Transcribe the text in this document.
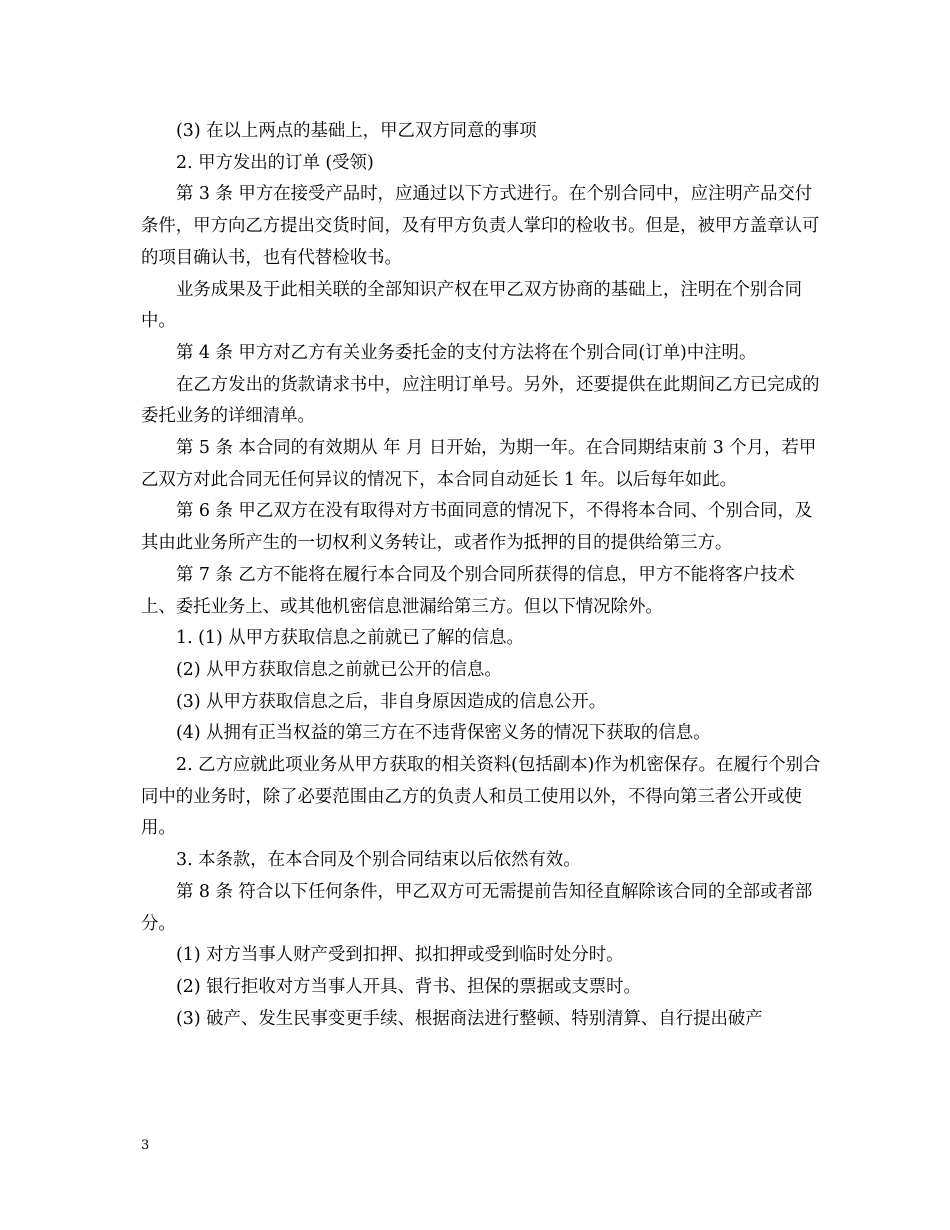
(3) 在以上两点的基础上，甲乙双方同意的事项

2. 甲方发出的订单 (受领)

第 3 条 甲方在接受产品时，应通过以下方式进行。在个别合同中，应注明产品交付条件，甲方向乙方提出交货时间，及有甲方负责人掌印的检收书。但是，被甲方盖章认可的项目确认书，也有代替检收书。

业务成果及于此相关联的全部知识产权在甲乙双方协商的基础上，注明在个别合同中。

第 4 条 甲方对乙方有关业务委托金的支付方法将在个别合同(订单)中注明。

在乙方发出的货款请求书中，应注明订单号。另外，还要提供在此期间乙方已完成的委托业务的详细清单。

第 5 条 本合同的有效期从 年 月 日开始，为期一年。在合同期结束前 3 个月，若甲乙双方对此合同无任何异议的情况下，本合同自动延长 1 年。以后每年如此。

第 6 条 甲乙双方在没有取得对方书面同意的情况下，不得将本合同、个别合同，及其由此业务所产生的一切权利义务转让，或者作为抵押的目的提供给第三方。

第 7 条 乙方不能将在履行本合同及个别合同所获得的信息，甲方不能将客户技术上、委托业务上、或其他机密信息泄漏给第三方。但以下情况除外。

1. (1) 从甲方获取信息之前就已了解的信息。

(2) 从甲方获取信息之前就已公开的信息。

(3) 从甲方获取信息之后，非自身原因造成的信息公开。

(4) 从拥有正当权益的第三方在不违背保密义务的情况下获取的信息。

2. 乙方应就此项业务从甲方获取的相关资料(包括副本)作为机密保存。在履行个别合同中的业务时，除了必要范围由乙方的负责人和员工使用以外，不得向第三者公开或使用。

3. 本条款，在本合同及个别合同结束以后依然有效。

第 8 条 符合以下任何条件，甲乙双方可无需提前告知径直解除该合同的全部或者部分。

(1) 对方当事人财产受到扣押、拟扣押或受到临时处分时。

(2) 银行拒收对方当事人开具、背书、担保的票据或支票时。

(3) 破产、发生民事变更手续、根据商法进行整顿、特别清算、自行提出破产

3
